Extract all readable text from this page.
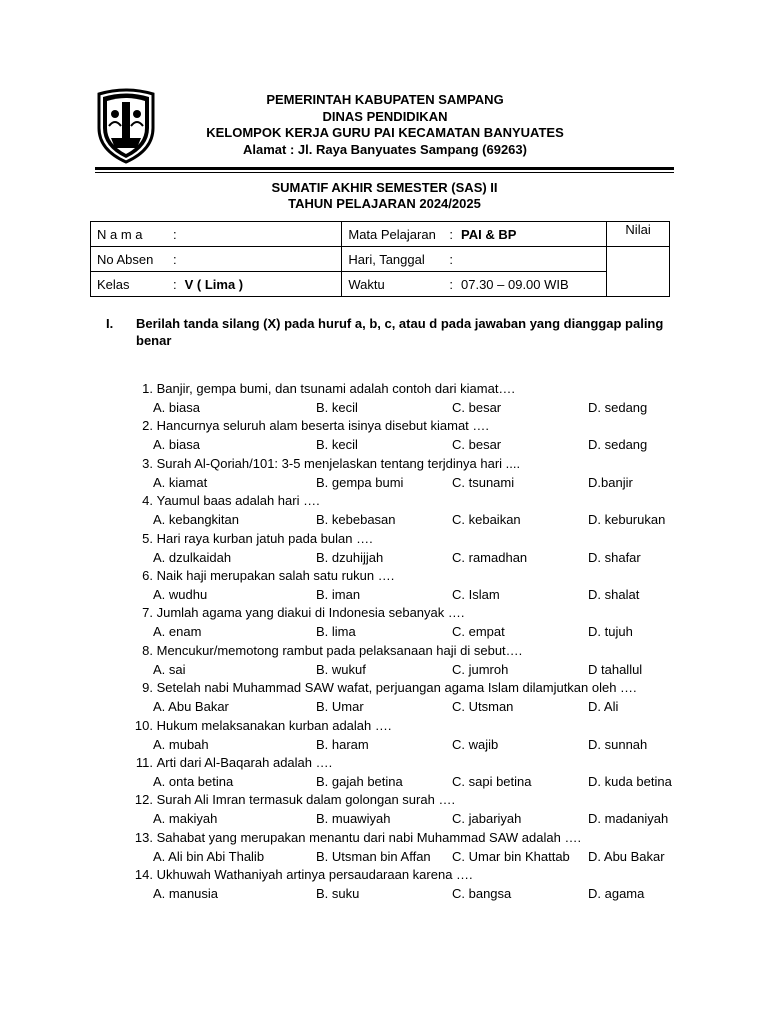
PEMERINTAH KABUPATEN SAMPANG
DINAS PENDIDIKAN
KELOMPOK KERJA GURU PAI KECAMATAN BANYUATES
Alamat : Jl. Raya Banyuates Sampang (69263)
SUMATIF AKHIR SEMESTER (SAS) II
TAHUN PELAJARAN 2024/2025
N a m a :	Mata Pelajaran : PAI & BP	Nilai
No Absen :	Hari, Tanggal :	
Kelas : V ( Lima )	Waktu : 07.30 – 09.00 WIB	
I. Berilah tanda silang (X) pada huruf a, b, c, atau d pada jawaban yang dianggap paling benar
1. Banjir, gempa bumi, dan tsunami adalah contoh dari kiamat….
A. biasa	B. kecil	C. besar	D. sedang
2. Hancurnya seluruh alam beserta isinya disebut kiamat ….
A. biasa	B. kecil	C. besar	D. sedang
3. Surah Al-Qoriah/101: 3-5 menjelaskan tentang terjdinya hari ....
A. kiamat	B. gempa bumi	C. tsunami	D.banjir
4. Yaumul baas adalah hari ….
A. kebangkitan	B. kebebasan	C. kebaikan	D. keburukan
5. Hari raya kurban jatuh pada bulan ….
A. dzulkaidah	B. dzuhijjah	C. ramadhan	D. shafar
6. Naik haji merupakan salah satu rukun ….
A. wudhu	B. iman	C. Islam	D. shalat
7. Jumlah agama yang diakui di Indonesia sebanyak ….
A. enam	B. lima	C. empat	D. tujuh
8. Mencukur/memotong rambut pada pelaksanaan haji di sebut….
A. sai	B. wukuf	C. jumroh	D tahallul
9. Setelah nabi Muhammad SAW wafat, perjuangan agama Islam dilamjutkan oleh ….
A. Abu Bakar	B. Umar	C. Utsman	D. Ali
10. Hukum melaksanakan kurban adalah ….
A. mubah	B. haram	C. wajib	D. sunnah
11. Arti dari Al-Baqarah adalah ….
A. onta betina	B. gajah betina	C. sapi betina	D. kuda betina
12. Surah Ali Imran termasuk dalam golongan surah ….
A. makiyah	B. muawiyah	C. jabariyah	D. madaniyah
13. Sahabat yang merupakan menantu dari nabi Muhammad SAW adalah ….
A. Ali bin Abi Thalib	B. Utsman bin Affan C. Umar bin Khattab D. Abu Bakar
14. Ukhuwah Wathaniyah artinya persaudaraan karena ….
A. manusia	B. suku	C. bangsa	D. agama
